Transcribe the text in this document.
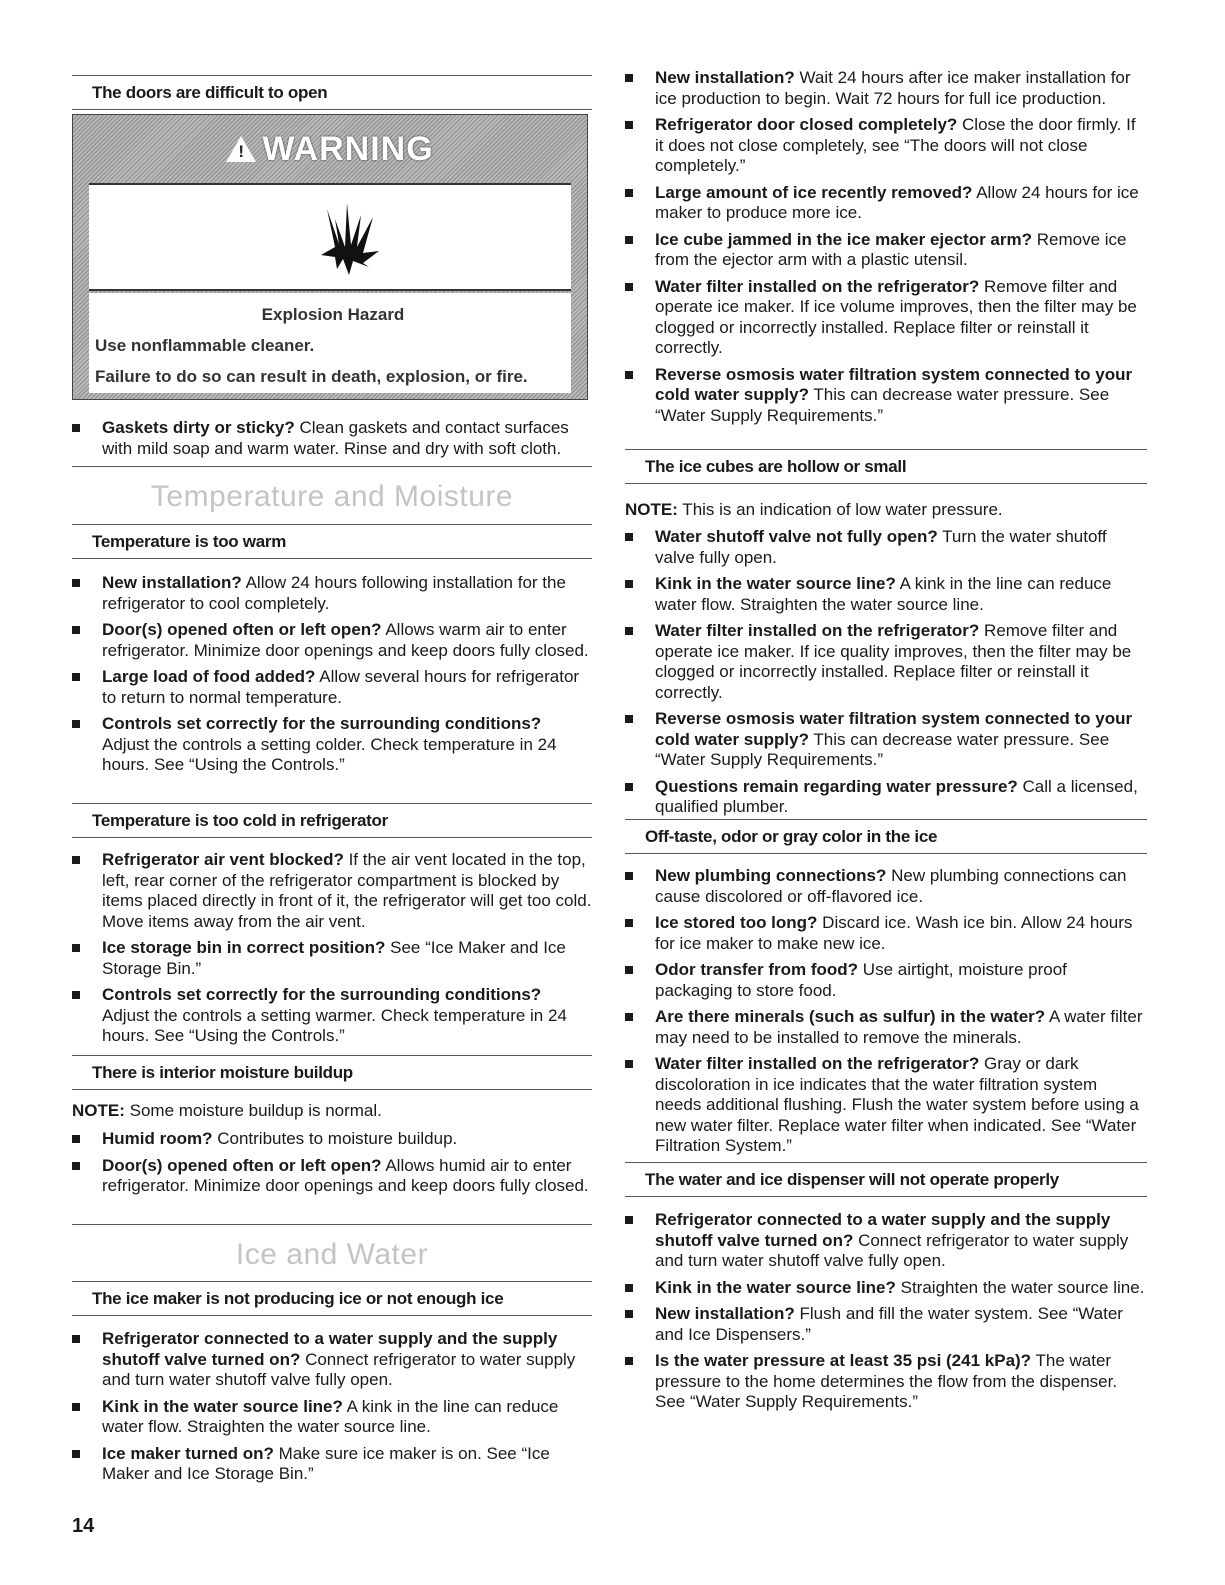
The doors are difficult to open
! WARNING
Explosion Hazard
Use nonflammable cleaner.
Failure to do so can result in death, explosion, or fire.
Gaskets dirty or sticky? Clean gaskets and contact surfaces with mild soap and warm water. Rinse and dry with soft cloth.
Temperature and Moisture
Temperature is too warm
New installation? Allow 24 hours following installation for the refrigerator to cool completely.
Door(s) opened often or left open? Allows warm air to enter refrigerator. Minimize door openings and keep doors fully closed.
Large load of food added? Allow several hours for refrigerator to return to normal temperature.
Controls set correctly for the surrounding conditions? Adjust the controls a setting colder. Check temperature in 24 hours. See “Using the Controls.”
Temperature is too cold in refrigerator
Refrigerator air vent blocked? If the air vent located in the top, left, rear corner of the refrigerator compartment is blocked by items placed directly in front of it, the refrigerator will get too cold. Move items away from the air vent.
Ice storage bin in correct position? See “Ice Maker and Ice Storage Bin.”
Controls set correctly for the surrounding conditions? Adjust the controls a setting warmer. Check temperature in 24 hours. See “Using the Controls.”
There is interior moisture buildup
NOTE: Some moisture buildup is normal.
Humid room? Contributes to moisture buildup.
Door(s) opened often or left open? Allows humid air to enter refrigerator. Minimize door openings and keep doors fully closed.
Ice and Water
The ice maker is not producing ice or not enough ice
Refrigerator connected to a water supply and the supply shutoff valve turned on? Connect refrigerator to water supply and turn water shutoff valve fully open.
Kink in the water source line? A kink in the line can reduce water flow. Straighten the water source line.
Ice maker turned on? Make sure ice maker is on. See “Ice Maker and Ice Storage Bin.”
New installation? Wait 24 hours after ice maker installation for ice production to begin. Wait 72 hours for full ice production.
Refrigerator door closed completely? Close the door firmly. If it does not close completely, see “The doors will not close completely.”
Large amount of ice recently removed? Allow 24 hours for ice maker to produce more ice.
Ice cube jammed in the ice maker ejector arm? Remove ice from the ejector arm with a plastic utensil.
Water filter installed on the refrigerator? Remove filter and operate ice maker. If ice volume improves, then the filter may be clogged or incorrectly installed. Replace filter or reinstall it correctly.
Reverse osmosis water filtration system connected to your cold water supply? This can decrease water pressure. See “Water Supply Requirements.”
The ice cubes are hollow or small
NOTE: This is an indication of low water pressure.
Water shutoff valve not fully open? Turn the water shutoff valve fully open.
Kink in the water source line? A kink in the line can reduce water flow. Straighten the water source line.
Water filter installed on the refrigerator? Remove filter and operate ice maker. If ice quality improves, then the filter may be clogged or incorrectly installed. Replace filter or reinstall it correctly.
Reverse osmosis water filtration system connected to your cold water supply? This can decrease water pressure. See “Water Supply Requirements.”
Questions remain regarding water pressure? Call a licensed, qualified plumber.
Off-taste, odor or gray color in the ice
New plumbing connections? New plumbing connections can cause discolored or off-flavored ice.
Ice stored too long? Discard ice. Wash ice bin. Allow 24 hours for ice maker to make new ice.
Odor transfer from food? Use airtight, moisture proof packaging to store food.
Are there minerals (such as sulfur) in the water? A water filter may need to be installed to remove the minerals.
Water filter installed on the refrigerator? Gray or dark discoloration in ice indicates that the water filtration system needs additional flushing. Flush the water system before using a new water filter. Replace water filter when indicated. See “Water Filtration System.”
The water and ice dispenser will not operate properly
Refrigerator connected to a water supply and the supply shutoff valve turned on? Connect refrigerator to water supply and turn water shutoff valve fully open.
Kink in the water source line? Straighten the water source line.
New installation? Flush and fill the water system. See “Water and Ice Dispensers.”
Is the water pressure at least 35 psi (241 kPa)? The water pressure to the home determines the flow from the dispenser. See “Water Supply Requirements.”
14
